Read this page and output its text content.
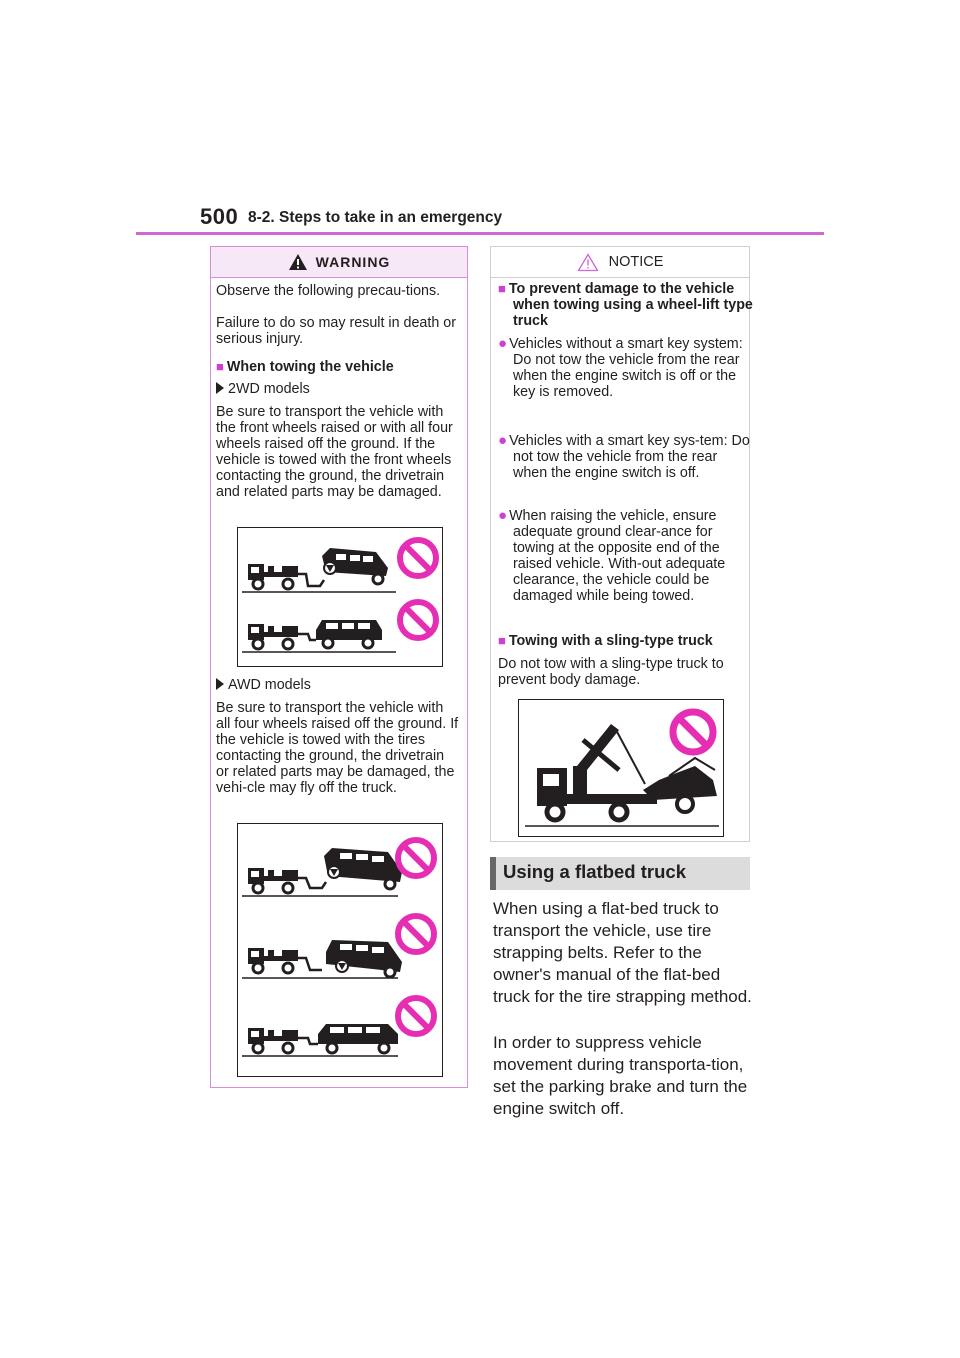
500 8-2. Steps to take in an emergency
WARNING
Observe the following precau-tions.
Failure to do so may result in death or serious injury.
■ When towing the vehicle
2WD models
Be sure to transport the vehicle with the front wheels raised or with all four wheels raised off the ground. If the vehicle is towed with the front wheels contacting the ground, the drivetrain and related parts may be damaged.
AWD models
Be sure to transport the vehicle with all four wheels raised off the ground. If the vehicle is towed with the tires contacting the ground, the drivetrain or related parts may be damaged, the vehi-cle may fly off the truck.
NOTICE
■ To prevent damage to the vehicle when towing using a wheel-lift type truck
● Vehicles without a smart key system: Do not tow the vehicle from the rear when the engine switch is off or the key is removed.
● Vehicles with a smart key sys-tem: Do not tow the vehicle from the rear when the engine switch is off.
● When raising the vehicle, ensure adequate ground clear-ance for towing at the opposite end of the raised vehicle. With-out adequate clearance, the vehicle could be damaged while being towed.
■ Towing with a sling-type truck
Do not tow with a sling-type truck to prevent body damage.
Using a flatbed truck
When using a flat-bed truck to transport the vehicle, use tire strapping belts. Refer to the owner's manual of the flat-bed truck for the tire strapping method.
In order to suppress vehicle movement during transporta-tion, set the parking brake and turn the engine switch off.
